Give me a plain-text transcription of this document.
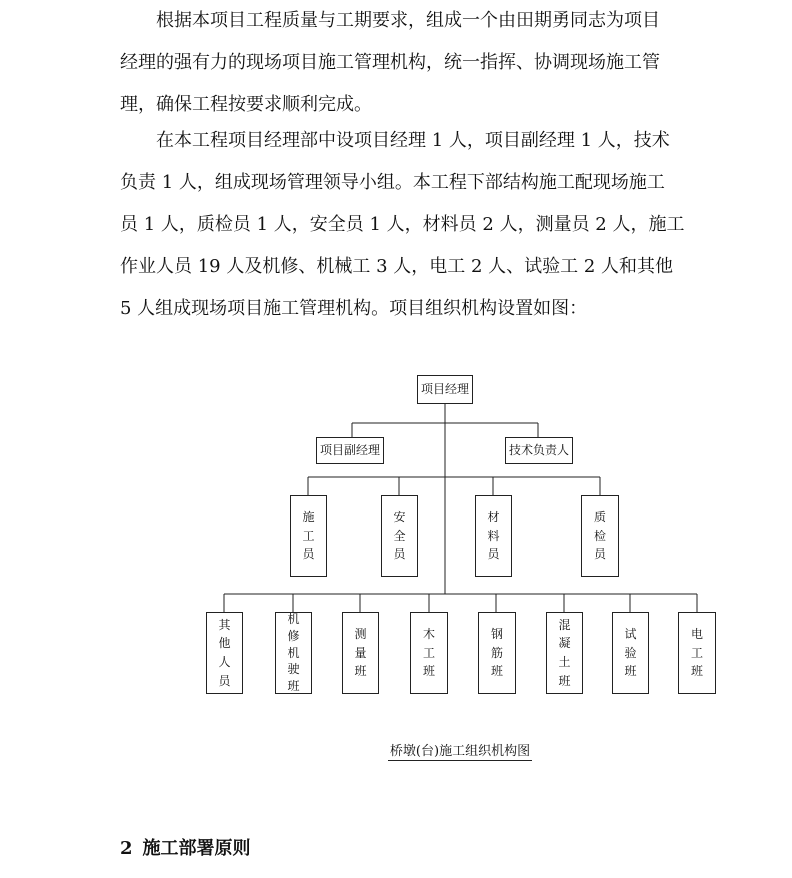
根据本项目工程质量与工期要求，组成一个由田期勇同志为项目
经理的强有力的现场项目施工管理机构，统一指挥、协调现场施工管
理，确保工程按要求顺利完成。
在本工程项目经理部中设项目经理 1 人，项目副经理 1 人，技术
负责 1 人，组成现场管理领导小组。本工程下部结构施工配现场施工
员 1 人，质检员 1 人，安全员 1 人，材料员 2 人，测量员 2 人，施工
作业人员 19 人及机修、机械工 3 人，电工 2 人、试验工 2 人和其他
5 人组成现场项目施工管理机构。项目组织机构设置如图：
项目经理
项目副经理	技术负责人
施
工
员
安
全
员
材
料
员
质
检
员
其
他
人
员
机
修
机
驶
班
测
量
班
木
工
班
钢
筋
班
混
凝
土
班
试
验
班
电
工
班
桥墩(台)施工组织机构图
2 施工部署原则
